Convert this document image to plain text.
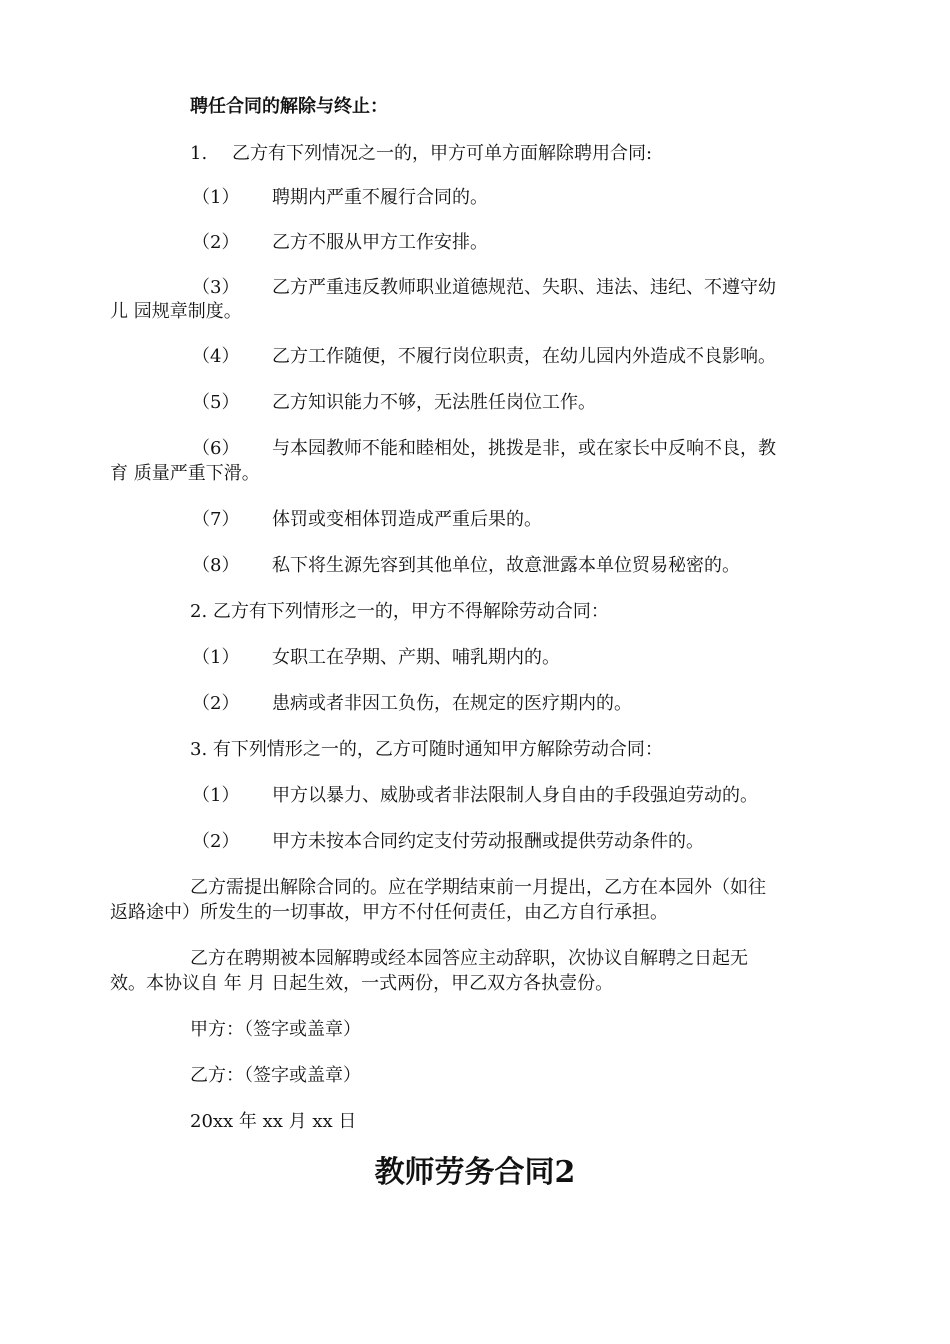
聘任合同的解除与终止：
1. 乙方有下列情况之一的，甲方可单方面解除聘用合同:
（1） 聘期内严重不履行合同的。
（2） 乙方不服从甲方工作安排。
（3） 乙方严重违反教师职业道德规范、失职、违法、违纪、不遵守幼
儿 园规章制度。
（4） 乙方工作随便，不履行岗位职责，在幼儿园内外造成不良影响。
（5） 乙方知识能力不够，无法胜任岗位工作。
（6） 与本园教师不能和睦相处，挑拨是非，或在家长中反响不良，教
育 质量严重下滑。
（7） 体罚或变相体罚造成严重后果的。
（8） 私下将生源先容到其他单位，故意泄露本单位贸易秘密的。
2. 乙方有下列情形之一的，甲方不得解除劳动合同：
（1） 女职工在孕期、产期、哺乳期内的。
（2） 患病或者非因工负伤，在规定的医疗期内的。
3. 有下列情形之一的，乙方可随时通知甲方解除劳动合同：
（1） 甲方以暴力、威胁或者非法限制人身自由的手段强迫劳动的。
（2） 甲方未按本合同约定支付劳动报酬或提供劳动条件的。
乙方需提出解除合同的。应在学期结束前一月提出，乙方在本园外（如往
返路途中）所发生的一切事故，甲方不付任何责任，由乙方自行承担。
乙方在聘期被本园解聘或经本园答应主动辞职，次协议自解聘之日起无
效。本协议自 年 月 日起生效，一式两份，甲乙双方各执壹份。
甲方：（签字或盖章）
乙方：（签字或盖章）
20xx 年 xx 月 xx 日
教师劳务合同2
